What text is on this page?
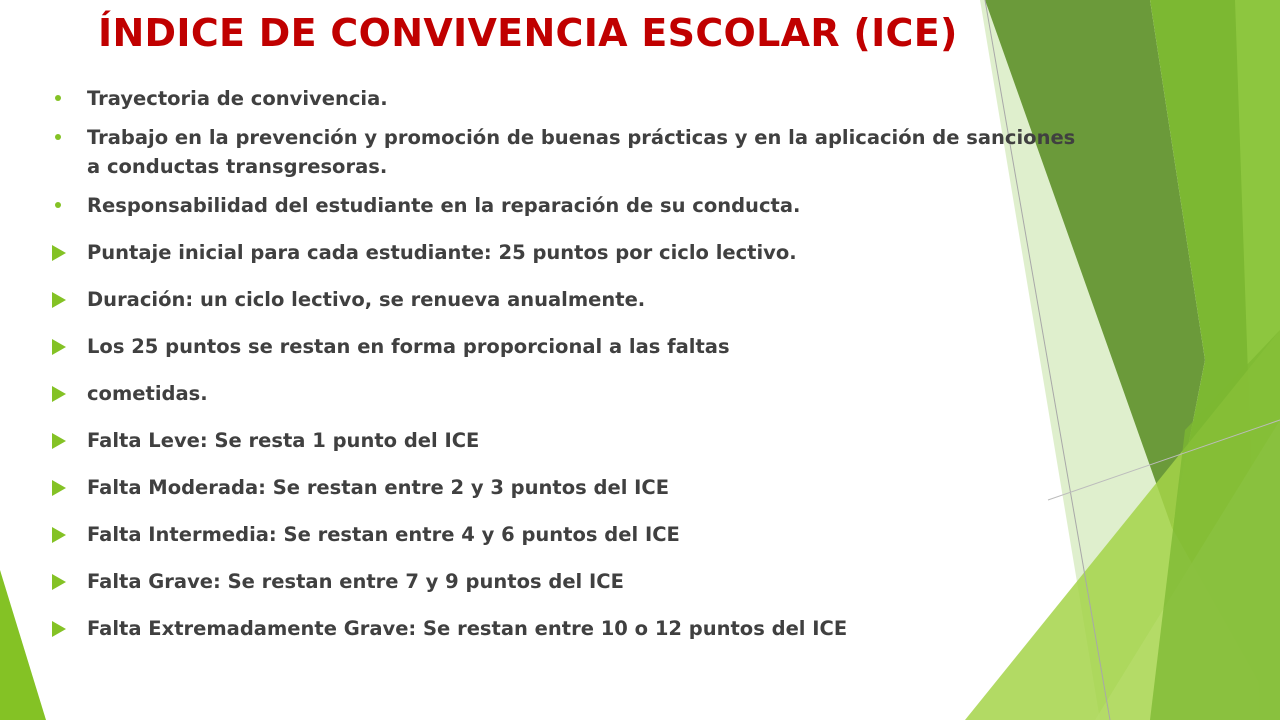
ÍNDICE DE CONVIVENCIA ESCOLAR (ICE)
Trayectoria de convivencia.
Trabajo en la prevención y promoción de buenas prácticas y en la aplicación de sanciones a conductas transgresoras.
Responsabilidad del estudiante en la reparación de su conducta.
Puntaje inicial para cada estudiante: 25 puntos por ciclo lectivo.
Duración: un ciclo lectivo, se renueva anualmente.
Los 25 puntos se restan en forma proporcional a las faltas
cometidas.
Falta Leve: Se resta 1 punto del ICE
Falta Moderada: Se restan entre 2 y 3 puntos del ICE
Falta Intermedia: Se restan entre 4 y 6 puntos del ICE
Falta Grave: Se restan entre 7 y 9 puntos del ICE
Falta Extremadamente Grave: Se restan entre 10 o 12 puntos del ICE
